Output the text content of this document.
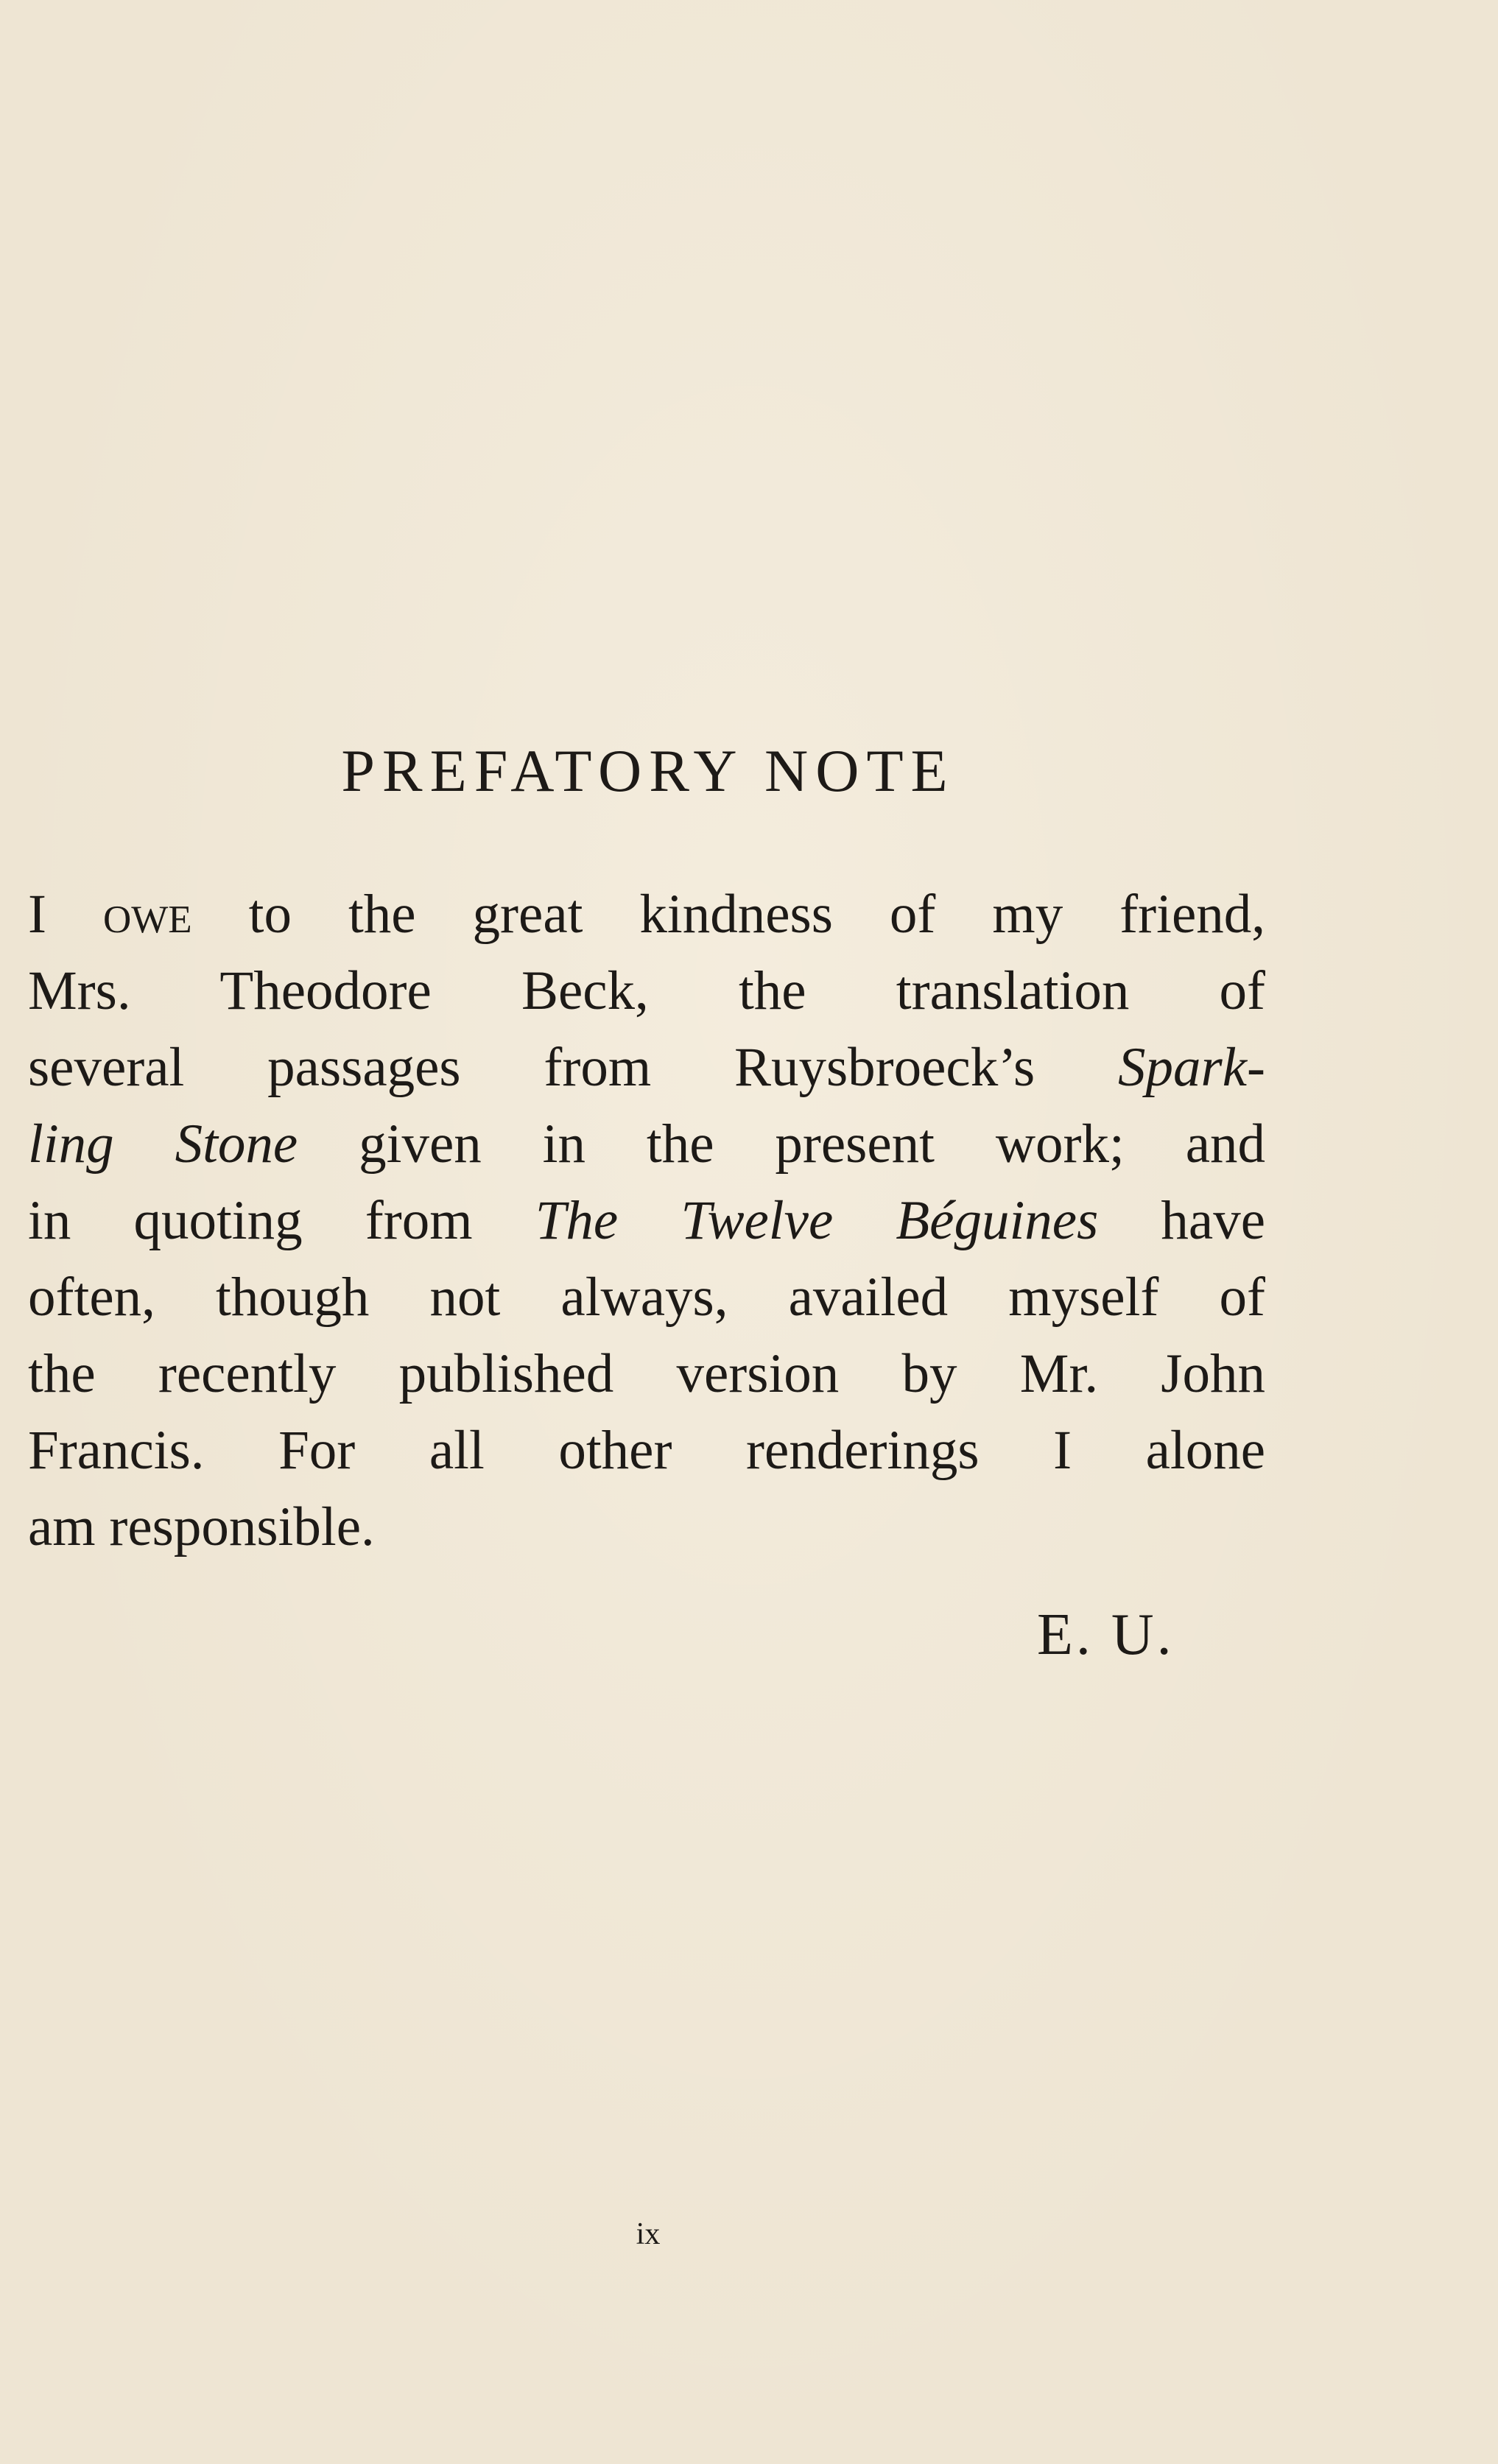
PREFATORY NOTE
I owe to the great kindness of my friend,
Mrs. Theodore Beck, the translation of
several passages from Ruysbroeck’s Spark-
ling Stone given in the present work; and
in quoting from The Twelve Béguines have
often, though not always, availed myself of
the recently published version by Mr. John
Francis. For all other renderings I alone
am responsible.

E. U.

ix
